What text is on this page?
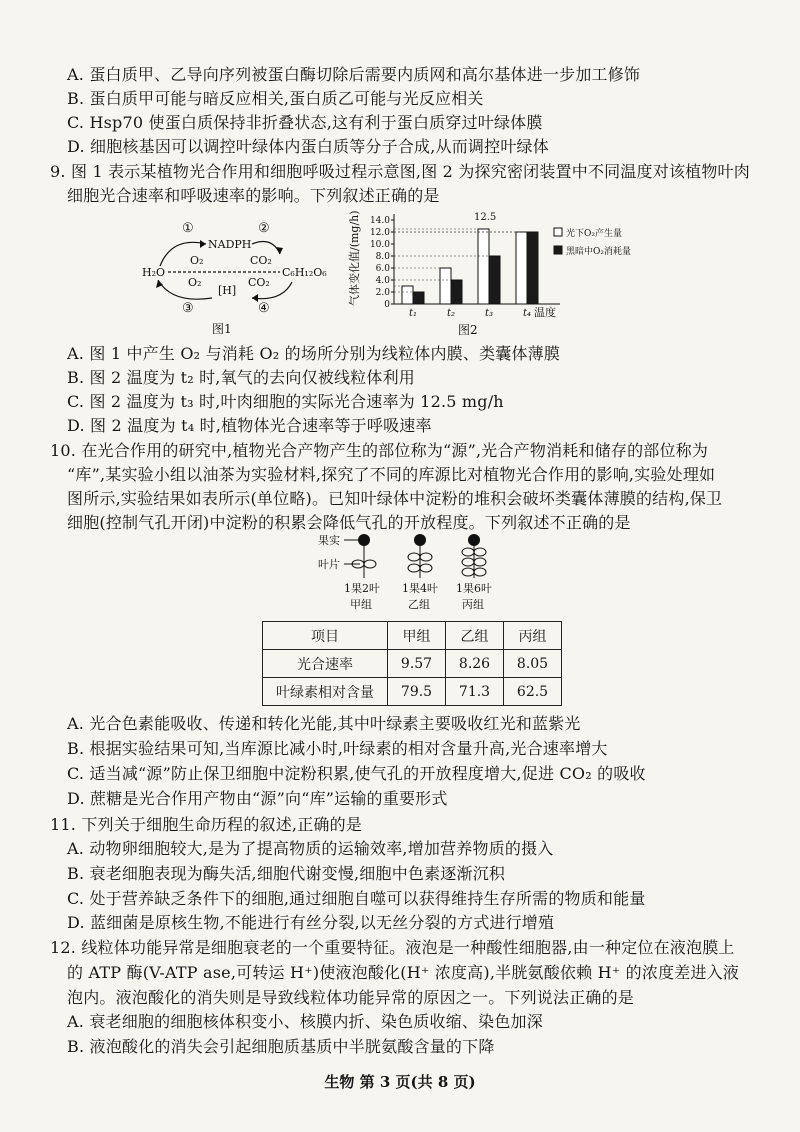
A. 蛋白质甲、乙导向序列被蛋白酶切除后需要内质网和高尔基体进一步加工修饰
B. 蛋白质甲可能与暗反应相关,蛋白质乙可能与光反应相关
C. Hsp70 使蛋白质保持非折叠状态,这有利于蛋白质穿过叶绿体膜
D. 细胞核基因可以调控叶绿体内蛋白质等分子合成,从而调控叶绿体
9. 图 1 表示某植物光合作用和细胞呼吸过程示意图,图 2 为探究密闭装置中不同温度对该植物叶肉
细胞光合速率和呼吸速率的影响。下列叙述正确的是
①	②
NADPH
O₂	CO₂
H₂O	C₆H₁₂O₆
O₂
[H]
CO₂
③	④
图1
0
2.0
4.0
6.0
8.0
10.0
12.0
14.0
t₁	t₂	t₃	t₄
光下O₂产生量
黑暗中O₂消耗量
气体变化值/(mg/h)
温度
图2
12.5
A. 图 1 中产生 O₂ 与消耗 O₂ 的场所分别为线粒体内膜、类囊体薄膜
B. 图 2 温度为 t₂ 时,氧气的去向仅被线粒体利用
C. 图 2 温度为 t₃ 时,叶肉细胞的实际光合速率为 12.5 mg/h
D. 图 2 温度为 t₄ 时,植物体光合速率等于呼吸速率
10. 在光合作用的研究中,植物光合产物产生的部位称为“源”,光合产物消耗和储存的部位称为
“库”,某实验小组以油茶为实验材料,探究了不同的库源比对植物光合作用的影响,实验处理如
图所示,实验结果如表所示(单位略)。已知叶绿体中淀粉的堆积会破坏类囊体薄膜的结构,保卫
细胞(控制气孔开闭)中淀粉的积累会降低气孔的开放程度。下列叙述不正确的是
果实
叶片
1果2叶
甲组
1果4叶
乙组
1果6叶
丙组
项目	甲组	乙组	丙组
光合速率	9.57	8.26	8.05
叶绿素相对含量	79.5	71.3	62.5
A. 光合色素能吸收、传递和转化光能,其中叶绿素主要吸收红光和蓝紫光
B. 根据实验结果可知,当库源比减小时,叶绿素的相对含量升高,光合速率增大
C. 适当减“源”防止保卫细胞中淀粉积累,使气孔的开放程度增大,促进 CO₂ 的吸收
D. 蔗糖是光合作用产物由“源”向“库”运输的重要形式
11. 下列关于细胞生命历程的叙述,正确的是
A. 动物卵细胞较大,是为了提高物质的运输效率,增加营养物质的摄入
B. 衰老细胞表现为酶失活,细胞代谢变慢,细胞中色素逐渐沉积
C. 处于营养缺乏条件下的细胞,通过细胞自噬可以获得维持生存所需的物质和能量
D. 蓝细菌是原核生物,不能进行有丝分裂,以无丝分裂的方式进行增殖
12. 线粒体功能异常是细胞衰老的一个重要特征。液泡是一种酸性细胞器,由一种定位在液泡膜上
的 ATP 酶(V-ATP ase,可转运 H⁺)使液泡酸化(H⁺ 浓度高),半胱氨酸依赖 H⁺ 的浓度差进入液
泡内。液泡酸化的消失则是导致线粒体功能异常的原因之一。下列说法正确的是
A. 衰老细胞的细胞核体积变小、核膜内折、染色质收缩、染色加深
B. 液泡酸化的消失会引起细胞质基质中半胱氨酸含量的下降
生物 第 3 页(共 8 页)
